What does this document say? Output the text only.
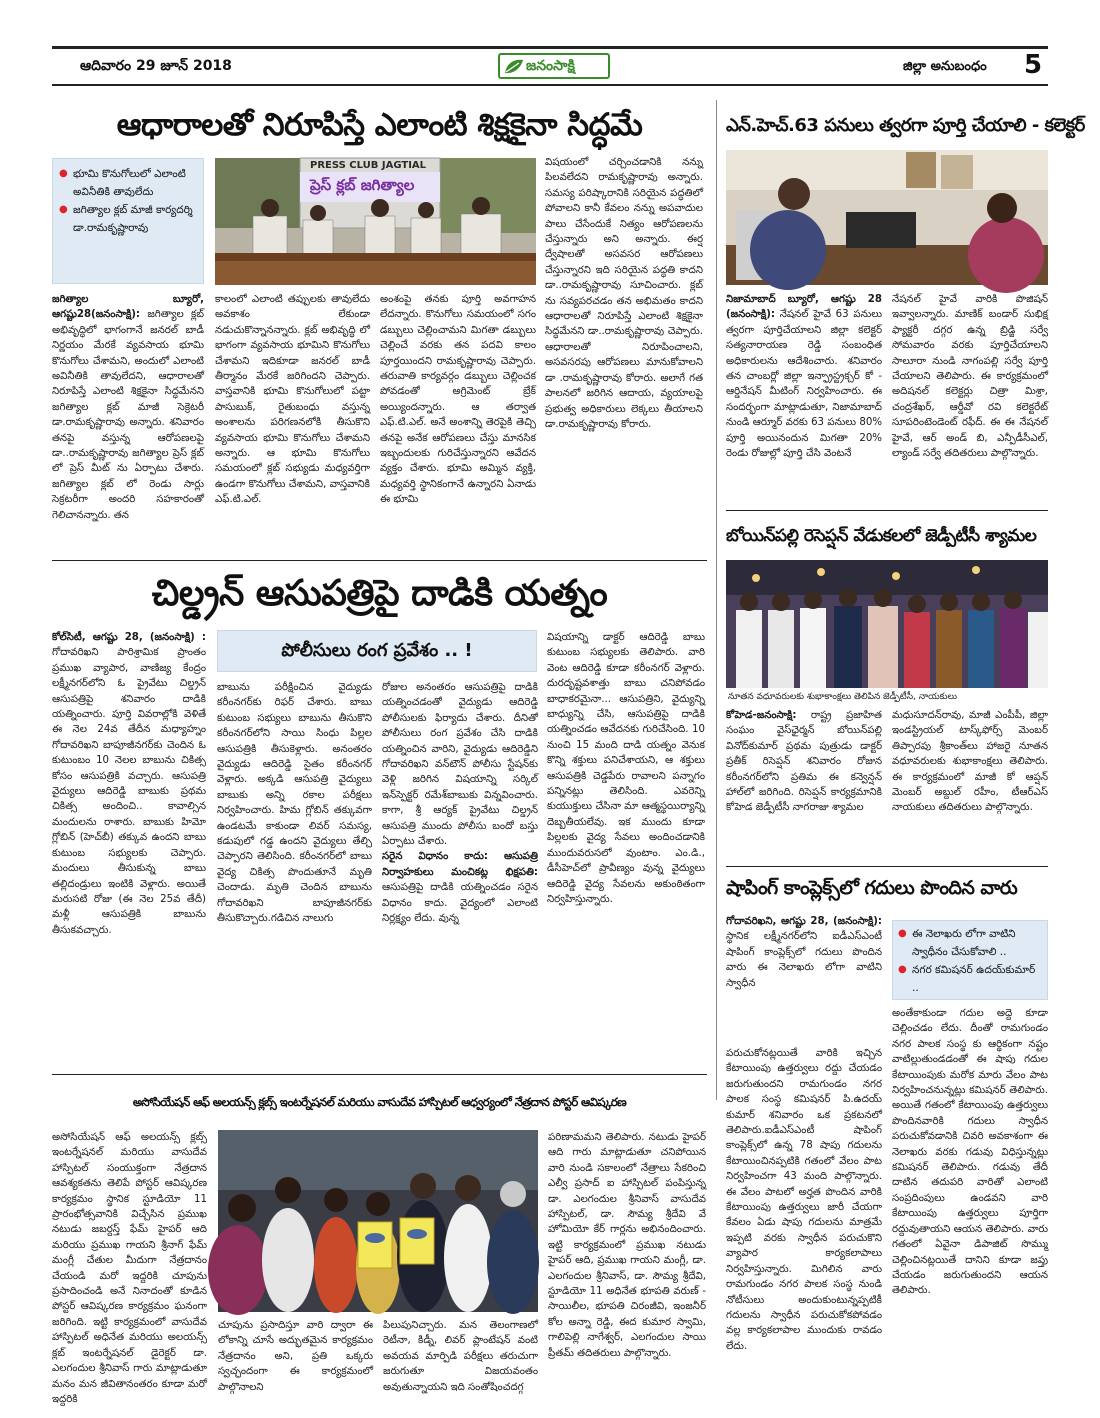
ఆదివారం 29 జూన్ 2018	జనంసాక్షి	జిల్లా అనుబంధం 5
ఆధారాలతో నిరూపిస్తే ఎలాంటి శిక్షకైనా సిద్ధమే
● భూమి కొనుగోలులో ఎలాంటి అవినీతికి తావులేదు
● జగిత్యాల క్లబ్ మాజీ కార్యదర్శి డా.రామకృష్ణారావు
PRESS CLUB JAGTIAL
ప్రెస్ క్లబ్ జగిత్యాల
జగిత్యాల బ్యూరో, ఆగష్టు28(జనంసాక్షి): జగిత్యాల క్లబ్ అభివృద్ధిలో భాగంగానే జనరల్ బాడీ నిర్ణయం మేరకే వ్యవసాయ భూమి కొనుగోలు చేశామని, అందులో ఎలాంటి అవినీతికి తావులేదని, ఆధారాలతో నిరూపిస్తే ఎలాంటి శిక్షకైనా సిద్ధమేనని జగిత్యాల క్లబ్ మాజీ సెక్రెటరీ డా.రామకృష్ణారావు అన్నారు. శనివారం తనపై వస్తున్న ఆరోపణలపై డా..రామకృష్ణారావు జగిత్యాల ప్రెస్ క్లబ్ లో ప్రెస్ మీట్ ను ఏర్పాటు చేశారు. జగిత్యాల క్లబ్ లో రెండు సార్లు సెక్రటరీగా అందరి సహకారంతో గెలిచానన్నారు. తన
కాలంలో ఎలాంటి తప్పులకు తావులేదు అవకాశం లేకుండా నడుచుకొన్నానన్నారు. క్లబ్ అభివృద్ధి లో భాగంగా వ్యవసాయ భూమిని కొనుగోలు చేశామని ఇదికూడా జనరల్ బాడీ తీర్మానం మేరకే జరిగిందని చెప్పారు. వాస్తవానికి భూమి కొనుగోలులో పట్టా పాసుబుక్, రైతుబంధు వస్తున్న అంశాలను పరిగణనలోకి తీసుకొని వ్యవసాయ భూమి కొనుగోలు చేశామని అన్నారు. ఆ భూమి కొనుగోలు సమయంలో క్లబ్ సభ్యుడు మధ్యవర్తిగా ఉండగా కొనుగోలు చేశామని, వాస్తవానికి ఎఫ్.టి.ఎల్.
అంశంపై తనకు పూర్తి అవగాహన లేదన్నారు. కొనుగోలు సమయంలో సగం డబ్బులు చెల్లించామని మిగతా డబ్బులు చెల్లించే వరకు తన పదవి కాలం పూర్తయిందని రామకృష్ణారావు చెప్పారు. తరువాతి కార్యవర్గం డబ్బులు చెల్లించక పోవడంతో అగ్రిమెంట్ బ్రేక్ అయ్యిందన్నారు. ఆ తర్వాత ఎఫ్.టి.ఎల్. అనే అంశాన్ని తెరపైకి తెచ్చి తనపై అనేక ఆరోపణలు చేస్తు మానసిక ఇబ్బందులకు గురిచేస్తున్నారని ఆవేదన వ్యక్తం చేశారు. భూమి అమ్మిన వ్యక్తి, మధ్యవర్తి స్థానికంగానే ఉన్నారని ఏనాడు ఈ భూమి
విషయంలో చర్చించడానికి నన్ను పిలవలేదని రామకృష్ణారావు అన్నారు. సమస్య పరిష్కారానికి సరియైన పద్ధతిలో పోవాలని కానీ కేవలం నన్ను అపవాదుల పాలు చేసేందుకే నిత్యం ఆరోపణలను చేస్తున్నారు అని అన్నారు. ఈర్ష ద్వేషాలతో అసవసర ఆరోపణలు చేస్తున్నారని ఇది సరియైన పద్ధతి కాదని డా..రామకృష్ణారావు సూచించారు. క్లబ్ ను సవ్యపరచడం తన అభిమతం కాదని ఆధారాలతో నిరూపిస్తే ఎలాంటి శిక్షకైనా సిద్ధమేనని డా..రామకృష్ణారావు చెప్పారు. ఆధారాలతో నిరూపించాలని, అసవసరపు ఆరోపణలు మానుకోవాలని డా .రామకృష్ణారావు కోరారు. అలాగే గత పాలనలో జరిగిన ఆదాయ, వ్యయాలపై ప్రభుత్వ అధికారులు లెక్కలు తీయాలని డా.రామకృష్ణారావు కోరారు.
ఎన్.హెచ్.63 పనులు త్వరగా పూర్తి చేయాలి - కలెక్టర్
నిజామాబాద్ బ్యూరో, ఆగష్టు 28 (జనంసాక్షి): నేషనల్ హైవే 63 పనులు త్వరగా పూర్తిచేయాలని జిల్లా కలెక్టర్ సత్యనారాయణ రెడ్డి సంబంధిత అధికారులను ఆదేశించారు. శనివారం తన చాంబర్లో జిల్లా ఇన్ఫ్రాస్ట్రక్చర్ కో - ఆర్డినేషన్ మీటింగ్ నిర్వహించారు. ఈ సందర్భంగా మాట్లాడుతూ, నిజామాబాద్ నుండి ఆర్మూర్ వరకు 63 పనులు 80% పూర్తి అయినందున మిగతా 20% రెండు రోజుల్లో పూర్తి చేసి వెంటనే
నేషనల్ హైవే వారికి పొజిషన్ ఇవ్వాలన్నారు. మాణిక్ బండార్ సుభిక్ష ఫ్యాక్టరీ దగ్గర ఉన్న బ్రిడ్జి సర్వే సోమవారం వరకు పూర్తిచేయాలని సాలూరా నుండి నాగంపల్లి సర్వే పూర్తి చేయాలని తెలిపారు. ఈ కార్యక్రమంలో అదిషనల్ కలెక్టర్లు చిత్రా మిశ్రా, చంద్రశేఖర్, ఆర్డీవో రవి కలెక్టరేట్ సూపరింటెండెంట్ రఫీద్. ఈ ఈ నేషనల్ హైవే, ఆర్ అండ్ బి, ఎన్పీడీసీఎల్, ల్యాండ్ సర్వే తదితరులు పాల్గొన్నారు.
బోయిన్‌పల్లి రెసెప్షన్ వేడుకలలో జెడ్పీటీసీ శ్యామల
నూతన వధూవరులకు శుభాకాంక్షలు తెలిపిన జెడ్పీటీసీ, నాయకులు
కోహెడ-జనంసాక్షి: రాష్ట్ర ప్రజాహిత సంఘం వైస్‌ఛైర్మన్ బోయిన్‌పల్లి వినోద్‌కుమార్ ప్రథమ పుత్రుడు డాక్టర్ ప్రతీక్ రిసెప్షన్ శనివారం రోజున కరీంనగర్‌లోని ప్రతిమ ఈ కన్వెన్షన్ హాల్‌లో జరిగింది. రిసెప్షన్ కార్యక్రమానికి కోహెడ జెడ్పీటీసీ నాగరాజు శ్యామల
మధుసూదన్‌రావు, మాజీ ఎంపీపీ, జిల్లా ఇండస్ట్రియల్ టాస్క్‌ఫోర్స్ మెంబర్ తిప్పారపు శ్రీకాంత్‌లు హాజరై నూతన వధూవరులకు శుభాకాంక్షలు తెలిపారు. ఈ కార్యక్రమంలో మాజీ కో ఆప్షన్ మెంబర్ అబ్దుల్ రహీం, టీఆర్ఎస్ నాయకులు తదితరులు పాల్గొన్నారు.
చిల్డ్రన్ ఆసుపత్రిపై దాడికి యత్నం
కోల్‌సిటీ, ఆగష్టు 28, (జనంసాక్షి) : గోదావరిఖని పారిశ్రామిక ప్రాంతం ప్రముఖ వ్యాపార, వాణిజ్య కేంద్రం లక్ష్మీనగర్‌లోని ఓ ప్రైవేటు చిల్డ్రన్ ఆసుపత్రిపై శనివారం దాడికి యత్నించారు. పూర్తి వివరాల్లోకి వెళితే ఈ నెల 24వ తేదీన మధ్యాహ్నం గోదావరిఖని బాపూజీనగర్‌కు చెందిన ఓ కుటుంబం 10 నెలల బాబును చికిత్స కోసం ఆసుపత్రికి వచ్చారు. ఆసుపత్రి వైద్యులు ఆదిరెడ్డి బాబుకు ప్రథమ చికిత్స అందించి.. కావాల్సిన మందులను రాశారు. బాబుకు హిమో గ్లోబిన్ (హెచ్‌బీ) తక్కువ ఉందని బాబు కుటుంబ సభ్యులకు చెప్పారు. మందులు తీసుకున్న బాబు తల్లిదండ్రులు ఇంటికి వెళ్లారు. అయితే మరుసటి రోజు (ఈ నెల 25వ తేదీ) మళ్లీ ఆసుపత్రికి బాబును తీసుకవచ్చారు.
పోలీసులు రంగ ప్రవేశం .. !
బాబును పరీక్షించిన వైద్యుడు కరీంనగర్‌కు రిఫర్ చేశారు. బాబు కుటుంబ సభ్యులు బాబును తీసుకొని కరీంనగర్‌లోని సాయి సింధు పిల్లల ఆసుపత్రికి తీసుకెళ్లారు. అనంతరం వైద్యుడు ఆదిరెడ్డి సైతం కరీంనగర్ వెళ్లారు. అక్కడి ఆసుపత్రి వైద్యులు బాబుకు అన్ని రకాల పరీక్షలు నిర్వహించారు. హిమ గ్లోబిన్ తక్కువగా ఉండటమే కాకుండా లివర్ సమస్య, కడుపులో గడ్డ ఉందని వైద్యులు తేల్చి చెప్పారని తెలిసింది. కరీంనగర్‌లో బాబు వైద్య చికిత్స పొందుతూనే మృతి చెందాడు. మృతి చెందిన బాబును గోదావరిఖని బాపూజీనగర్‌కు తీసుకొచ్చారు.గడిచిన నాలుగు
రోజుల అనంతరం ఆసుపత్రిపై దాడికి యత్నించడంతో వైద్యుడు ఆదిరెడ్డి పోలీసులకు ఫిర్యాదు చేశారు. దీనితో పోలీసులు రంగ ప్రవేశం చేసి దాడికి యత్నించిన వారిని, వైద్యుడు ఆదిరెడ్డిని గోదావరిఖని వన్‌టౌన్ పోలీసు స్టేషన్‌కు వెళ్లి జరిగిన విషయాన్ని సర్కిల్ ఇన్‌స్పెక్టర్ రమేశ్‌బాబుకు విన్నవించారు. కాగా, శ్రీ ఆర్యక్ ప్రైవేటు చిల్డ్రన్ ఆసుపత్రి ముందు పోలీసు బందో బస్తు ఏర్పాటు చేశారు.
సరైన విధానం కాదు: ఆసుపత్రి నిర్వాహకులు మంచికట్ల భిక్షపతి: ఆసుపత్రిపై దాడికి యత్నించడం సరైన విధానం కాదు. వైద్యంలో ఎలాంటి నిర్లక్ష్యం లేదు. వున్న
విషయాన్ని డాక్టర్ ఆదిరెడ్డి బాబు కుటుంబ సభ్యులకు తెలిపారు. వారి వెంట ఆదిరెడ్డి కూడా కరీంనగర్ వెళ్లారు. దురదృష్టవశాత్తు బాబు చనిపోవడం బాధాకరమైనా... ఆసుపత్రిని, వైద్యున్ని బాధ్యున్ని చేసి, ఆసుపత్రిపై దాడికి యత్నించడం ఆవేదనకు గురిచేసింది. 10 నుంచి 15 మంది దాడి యత్నం వెనుక కొన్ని శక్తులు పనిచేశాయని, ఆ శక్తులు ఆసుపత్రికి చెడ్డపేరు రావాలని పన్నాగం పన్నినట్లు తెలిసింది. ఎవరెన్ని కుయుక్తులు చేసినా మా ఆత్మస్థయిర్యాన్ని దెబ్బతీయలేవు. ఇక ముందు కూడా పిల్లలకు వైద్య సేవలు అందించడానికి ముందువరుసలో వుంటాం. ఎం.డి., డీసీహెచ్‌లో ప్రావీణ్యం వున్న వైద్యులు ఆదిరెడ్డి వైద్య సేవలను అకుంఠితంగా నిర్వహిస్తున్నారు.
షాపింగ్ కాంప్లెక్స్‌లో గదులు పొందిన వారు
గోదావరిఖని, ఆగష్టు 28, (జనంసాక్షి): స్థానిక లక్ష్మీనగర్‌లోని ఐడీఎస్ఎంటీ షాపింగ్ కాంప్లెక్స్‌లో గదులు పొందిన వారు ఈ నెలాఖరు లోగా వాటిని స్వాధీన
● ఈ నెలాఖరు లోగా వాటిని స్వాధీనం చేసుకోవాలి ..
● నగర కమిషనర్ ఉదయ్‌కుమార్ ..
పరుచుకోనట్లయితే వారికి ఇచ్చిన కేటాయింపు ఉత్తర్వులు రద్దు చేయడం జరుగుతుందని రామగుండం నగర పాలక సంస్థ కమిషనర్ పి.ఉదయ్ కుమార్ శనివారం ఒక ప్రకటనలో తెలిపారు.ఐడీఎస్ఎంటీ షాపింగ్ కాంప్లెక్స్‌లో ఉన్న 78 షాపు గదులను కేటాయించినప్పటికి గతంలో వేలం పాట నిర్వహించగా 43 మంది పాల్గొన్నారు. ఈ వేలం పాటలో అర్హత పొందిన వారికి కేటాయింపు ఉత్తర్వులు జారీ చేయగా కేవలం ఏడు షాపు గదులను మాత్రమే ఇప్పటి వరకు స్వాధీన పరుచుకొని వ్యాపార కార్యకలాపాలు నిర్వహిస్తున్నారు. మిగిలిన వారు రామగుండం నగర పాలక సంస్థ నుండి నోటీసులు అందుకుంటున్నప్పటికీ గదులను స్వాధీన పరుచుకోకపోవడం వల్ల కార్యకలాపాల ముందుకు రావడం లేదు.
అంతేకాకుండా గదుల అద్దె కూడా చెల్లించడం లేదు. దీంతో రామగుండం నగర పాలక సంస్థ కు ఆర్థికంగా నష్టం వాటిల్లుతుండడంతో ఈ షాపు గదుల కేటాయింపుకు మరోక మారు వేలం పాట నిర్వహించనున్నట్లు కమిషనర్ తెలిపారు. అయితే గతంలో కేటాయింపు ఉత్తర్వులు పొందినవారికి గదులు స్వాధీన పరుచుకోవడానికి చివరి అవకాశంగా ఈ నెలాఖరు వరకు గడువు విధిస్తున్నట్లు కమిషనర్ తెలిపారు. గడువు తేదీ దాటిన తదుపరి వారితో ఎలాంటి సంప్రదింపులు ఉండవని వారి కేటాయింపు ఉత్తర్వులు పూర్తిగా రద్దువుతాయని ఆయన తెలిపారు. వారు గతంలో ఏవైనా డిపాజిట్ సొమ్ము చెల్లించినట్లయితే దానిని కూడా జప్తు చేయడం జరుగుతుందని ఆయన తెలిపారు.
అసోసియేషన్ ఆఫ్ అలయన్స్ క్లబ్స్ ఇంటర్నేషనల్ మరియు వాసుదేవ హాస్పిటల్ ఆధ్వర్యంలో నేత్రదాన పోస్టర్ ఆవిష్కరణ
అసోసియేషన్ ఆఫ్ అలయన్స్ క్లబ్స్ ఇంటర్నేషనల్ మరియు వాసుదేవ హాస్పిటల్ సంయుక్తంగా నేత్రదాన ఆవశ్యకతను తెలిపే పోస్టర్ ఆవిష్కరణ కార్యక్రమం స్థానిక స్టూడియో 11 ప్రారంభోత్సవానికి విచ్చేసిన ప్రముఖ నటుడు జబర్దస్త్ ఫేమ్ హైపర్ ఆది మరియు ప్రముఖ గాయని శ్రీనాగ్ ఫేమ్ మంగ్లీ చేతుల మీదుగా నేత్రదానం చేయండి మరో ఇద్దరికి చూపును ప్రసాదించండి అనే నినాదంతో కూడిన పోస్టర్ ఆవిష్కరణ కార్యక్రమం ఘనంగా జరిగింది. ఇట్టి కార్యక్రమంలో వాసుదేవ హాస్పిటల్ అధినేత మరియు అలయన్స్ క్లబ్ ఇంటర్నేషనల్ డైరెక్టర్ డా. ఎలగందుల శ్రీనివాస్ గారు మాట్లాడుతూ మనం మన జీవితానంతరం కూడా మరో ఇద్దరికి
చూపును ప్రసాదిస్తూ వారి ద్వారా ఈ లోకాన్ని చూసే అద్భుతమైన కార్యక్రమం నేత్రదానం అని, ప్రతి ఒక్కరు స్వచ్ఛందంగా ఈ కార్యక్రమంలో పాల్గొనాలని
పిలుపునిచ్చారు. మన తెలంగాణలో రెటీనా, కిడ్నీ, లివర్ ప్లాంటేషన్ వంటి అవయవ మార్పిడి పరీక్షలు తరుచుగా జరుగుతూ విజయవంతం అవుతున్నాయని ఇది సంతోషించదగ్గ
పరిణామమని తెలిపారు. నటుడు హైపర్ ఆది గారు మాట్లాడుతూ చనిపోయిన వారి నుండి సకాలంలో నేత్రాలు సేకరించి ఎల్వీ ప్రసాద్ ఐ హాస్పిటల్ పంపిస్తున్న డా. ఎలగందుల శ్రీనివాస్ వాసుదేవ హాస్పిటల్, డా. సౌమ్య శ్రీదేవి వే హోమియో కేర్ గార్లను అభినందించారు. ఇట్టి కార్యక్రమంలో ప్రముఖ నటుడు హైపర్ ఆది, ప్రముఖ గాయని మంగ్లీ, డా. ఎలగందుల శ్రీనివాస్, డా. సౌమ్య శ్రీదేవి, స్టూడియో 11 అధినేత భూపతి వరుణ్ - సాయిలీల, భూపతి చిరంజీవి, ఇంజనీర్ కోల అన్నా రెడ్డి, ఈద కుమార స్వామి, గాలిపెల్లి నాగేశ్వర్, ఎలగందుల సాయి ప్రీతమ్ తదితరులు పాల్గొన్నారు.
